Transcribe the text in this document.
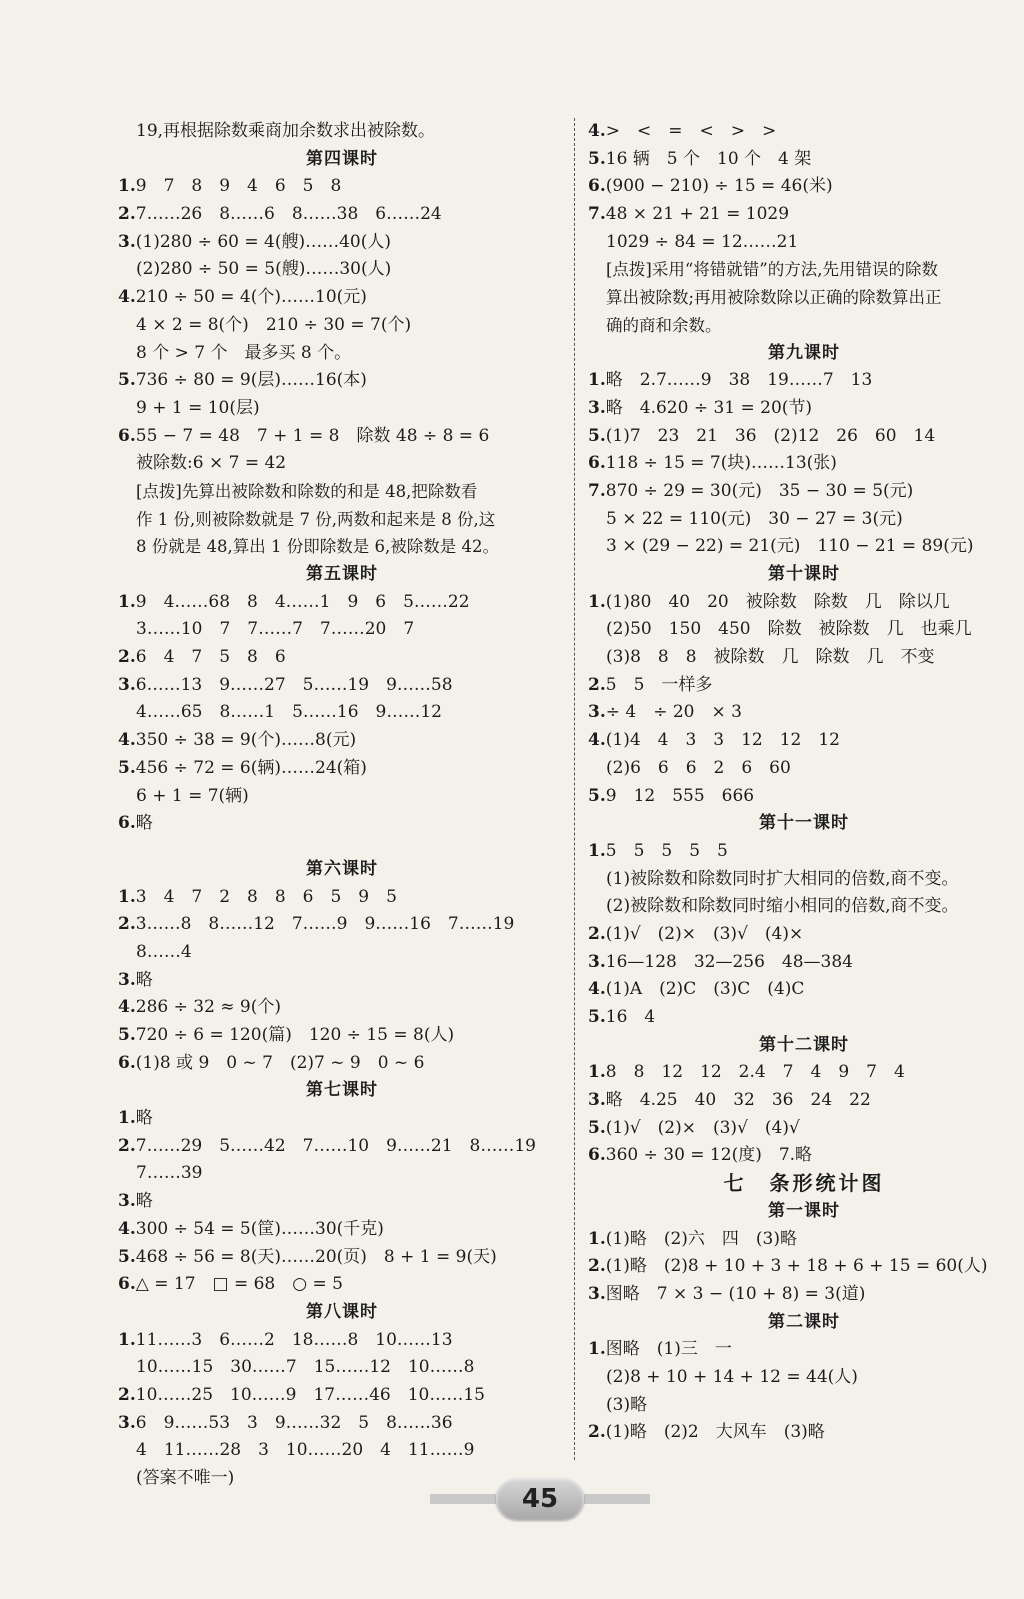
19,再根据除数乘商加余数求出被除数。
第四课时
1.9　7　8　9　4　6　5　8
2.7……26　8……6　8……38　6……24
3.(1)280 ÷ 60 = 4(艘)……40(人)
(2)280 ÷ 50 = 5(艘)……30(人)
4.210 ÷ 50 = 4(个)……10(元)
4 × 2 = 8(个)　210 ÷ 30 = 7(个)
8 个 > 7 个　最多买 8 个。
5.736 ÷ 80 = 9(层)……16(本)
9 + 1 = 10(层)
6.55 − 7 = 48　7 + 1 = 8　除数 48 ÷ 8 = 6
被除数:6 × 7 = 42
[点拨]先算出被除数和除数的和是 48,把除数看
作 1 份,则被除数就是 7 份,两数和起来是 8 份,这
8 份就是 48,算出 1 份即除数是 6,被除数是 42。
第五课时
1.9　4……68　8　4……1　9　6　5……22
3……10　7　7……7　7……20　7
2.6　4　7　5　8　6
3.6……13　9……27　5……19　9……58
4……65　8……1　5……16　9……12
4.350 ÷ 38 = 9(个)……8(元)
5.456 ÷ 72 = 6(辆)……24(箱)
6 + 1 = 7(辆)
6.略
第六课时
1.3　4　7　2　8　8　6　5　9　5
2.3……8　8……12　7……9　9……16　7……19
8……4
3.略
4.286 ÷ 32 ≈ 9(个)
5.720 ÷ 6 = 120(篇)　120 ÷ 15 = 8(人)
6.(1)8 或 9　0 ~ 7　(2)7 ~ 9　0 ~ 6
第七课时
1.略
2.7……29　5……42　7……10　9……21　8……19
7……39
3.略
4.300 ÷ 54 = 5(筐)……30(千克)
5.468 ÷ 56 = 8(天)……20(页)　8 + 1 = 9(天)
6.△ = 17　□ = 68　○ = 5
第八课时
1.11……3　6……2　18……8　10……13
10……15　30……7　15……12　10……8
2.10……25　10……9　17……46　10……15
3.6　9……53　3　9……32　5　8……36
4　11……28　3　10……20　4　11……9
(答案不唯一)
4.>　<　=　<　>　>
5.16 辆　5 个　10 个　4 架
6.(900 − 210) ÷ 15 = 46(米)
7.48 × 21 + 21 = 1029
1029 ÷ 84 = 12……21
[点拨]采用“将错就错”的方法,先用错误的除数
算出被除数;再用被除数除以正确的除数算出正
确的商和余数。
第九课时
1.略　2.7……9　38　19……7　13
3.略　4.620 ÷ 31 = 20(节)
5.(1)7　23　21　36　(2)12　26　60　14
6.118 ÷ 15 = 7(块)……13(张)
7.870 ÷ 29 = 30(元)　35 − 30 = 5(元)
5 × 22 = 110(元)　30 − 27 = 3(元)
3 × (29 − 22) = 21(元)　110 − 21 = 89(元)
第十课时
1.(1)80　40　20　被除数　除数　几　除以几
(2)50　150　450　除数　被除数　几　也乘几
(3)8　8　8　被除数　几　除数　几　不变
2.5　5　一样多
3.÷ 4　÷ 20　× 3
4.(1)4　4　3　3　12　12　12
(2)6　6　6　2　6　60
5.9　12　555　666
第十一课时
1.5　5　5　5　5
(1)被除数和除数同时扩大相同的倍数,商不变。
(2)被除数和除数同时缩小相同的倍数,商不变。
2.(1)√　(2)×　(3)√　(4)×
3.16—128　32—256　48—384
4.(1)A　(2)C　(3)C　(4)C
5.16　4
第十二课时
1.8　8　12　12　2.4　7　4　9　7　4
3.略　4.25　40　32　36　24　22
5.(1)√　(2)×　(3)√　(4)√
6.360 ÷ 30 = 12(度)　7.略
七　条形统计图
第一课时
1.(1)略　(2)六　四　(3)略
2.(1)略　(2)8 + 10 + 3 + 18 + 6 + 15 = 60(人)
3.图略　7 × 3 − (10 + 8) = 3(道)
第二课时
1.图略　(1)三　一
(2)8 + 10 + 14 + 12 = 44(人)
(3)略
2.(1)略　(2)2　大风车　(3)略
45
